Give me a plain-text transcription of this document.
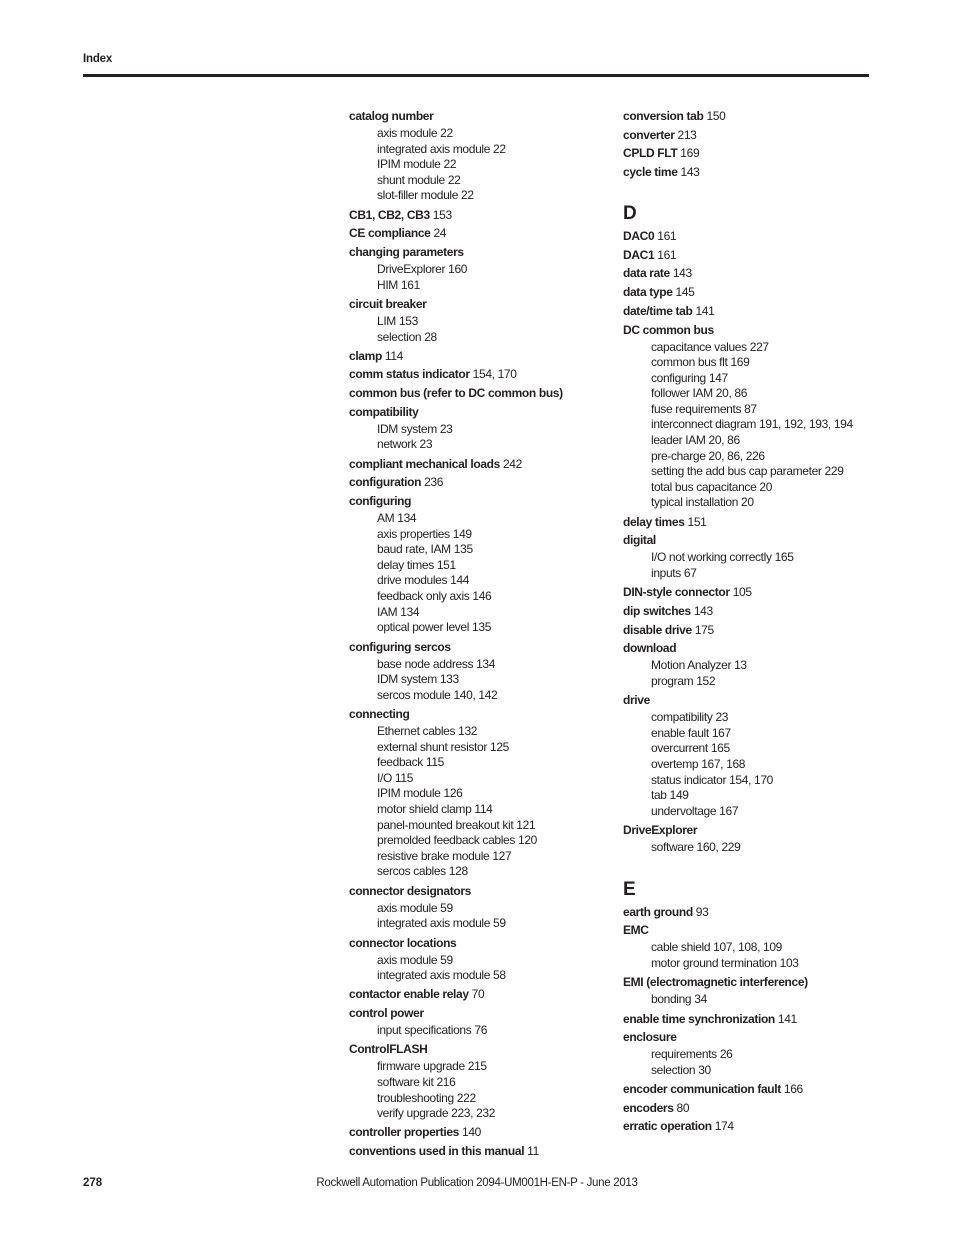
Index
catalog number
axis module 22
integrated axis module 22
IPIM module 22
shunt module 22
slot-filler module 22
CB1, CB2, CB3 153
CE compliance 24
changing parameters
DriveExplorer 160
HIM 161
circuit breaker
LIM 153
selection 28
clamp 114
comm status indicator 154, 170
common bus (refer to DC common bus)
compatibility
IDM system 23
network 23
compliant mechanical loads 242
configuration 236
configuring
AM 134
axis properties 149
baud rate, IAM 135
delay times 151
drive modules 144
feedback only axis 146
IAM 134
optical power level 135
configuring sercos
base node address 134
IDM system 133
sercos module 140, 142
connecting
Ethernet cables 132
external shunt resistor 125
feedback 115
I/O 115
IPIM module 126
motor shield clamp 114
panel-mounted breakout kit 121
premolded feedback cables 120
resistive brake module 127
sercos cables 128
connector designators
axis module 59
integrated axis module 59
connector locations
axis module 59
integrated axis module 58
contactor enable relay 70
control power
input specifications 76
ControlFLASH
firmware upgrade 215
software kit 216
troubleshooting 222
verify upgrade 223, 232
controller properties 140
conventions used in this manual 11
conversion tab 150
converter 213
CPLD FLT 169
cycle time 143
D
DAC0 161
DAC1 161
data rate 143
data type 145
date/time tab 141
DC common bus
capacitance values 227
common bus flt 169
configuring 147
follower IAM 20, 86
fuse requirements 87
interconnect diagram 191, 192, 193, 194
leader IAM 20, 86
pre-charge 20, 86, 226
setting the add bus cap parameter 229
total bus capacitance 20
typical installation 20
delay times 151
digital
I/O not working correctly 165
inputs 67
DIN-style connector 105
dip switches 143
disable drive 175
download
Motion Analyzer 13
program 152
drive
compatibility 23
enable fault 167
overcurrent 165
overtemp 167, 168
status indicator 154, 170
tab 149
undervoltage 167
DriveExplorer
software 160, 229
E
earth ground 93
EMC
cable shield 107, 108, 109
motor ground termination 103
EMI (electromagnetic interference)
bonding 34
enable time synchronization 141
enclosure
requirements 26
selection 30
encoder communication fault 166
encoders 80
erratic operation 174
278	Rockwell Automation Publication 2094-UM001H-EN-P - June 2013
